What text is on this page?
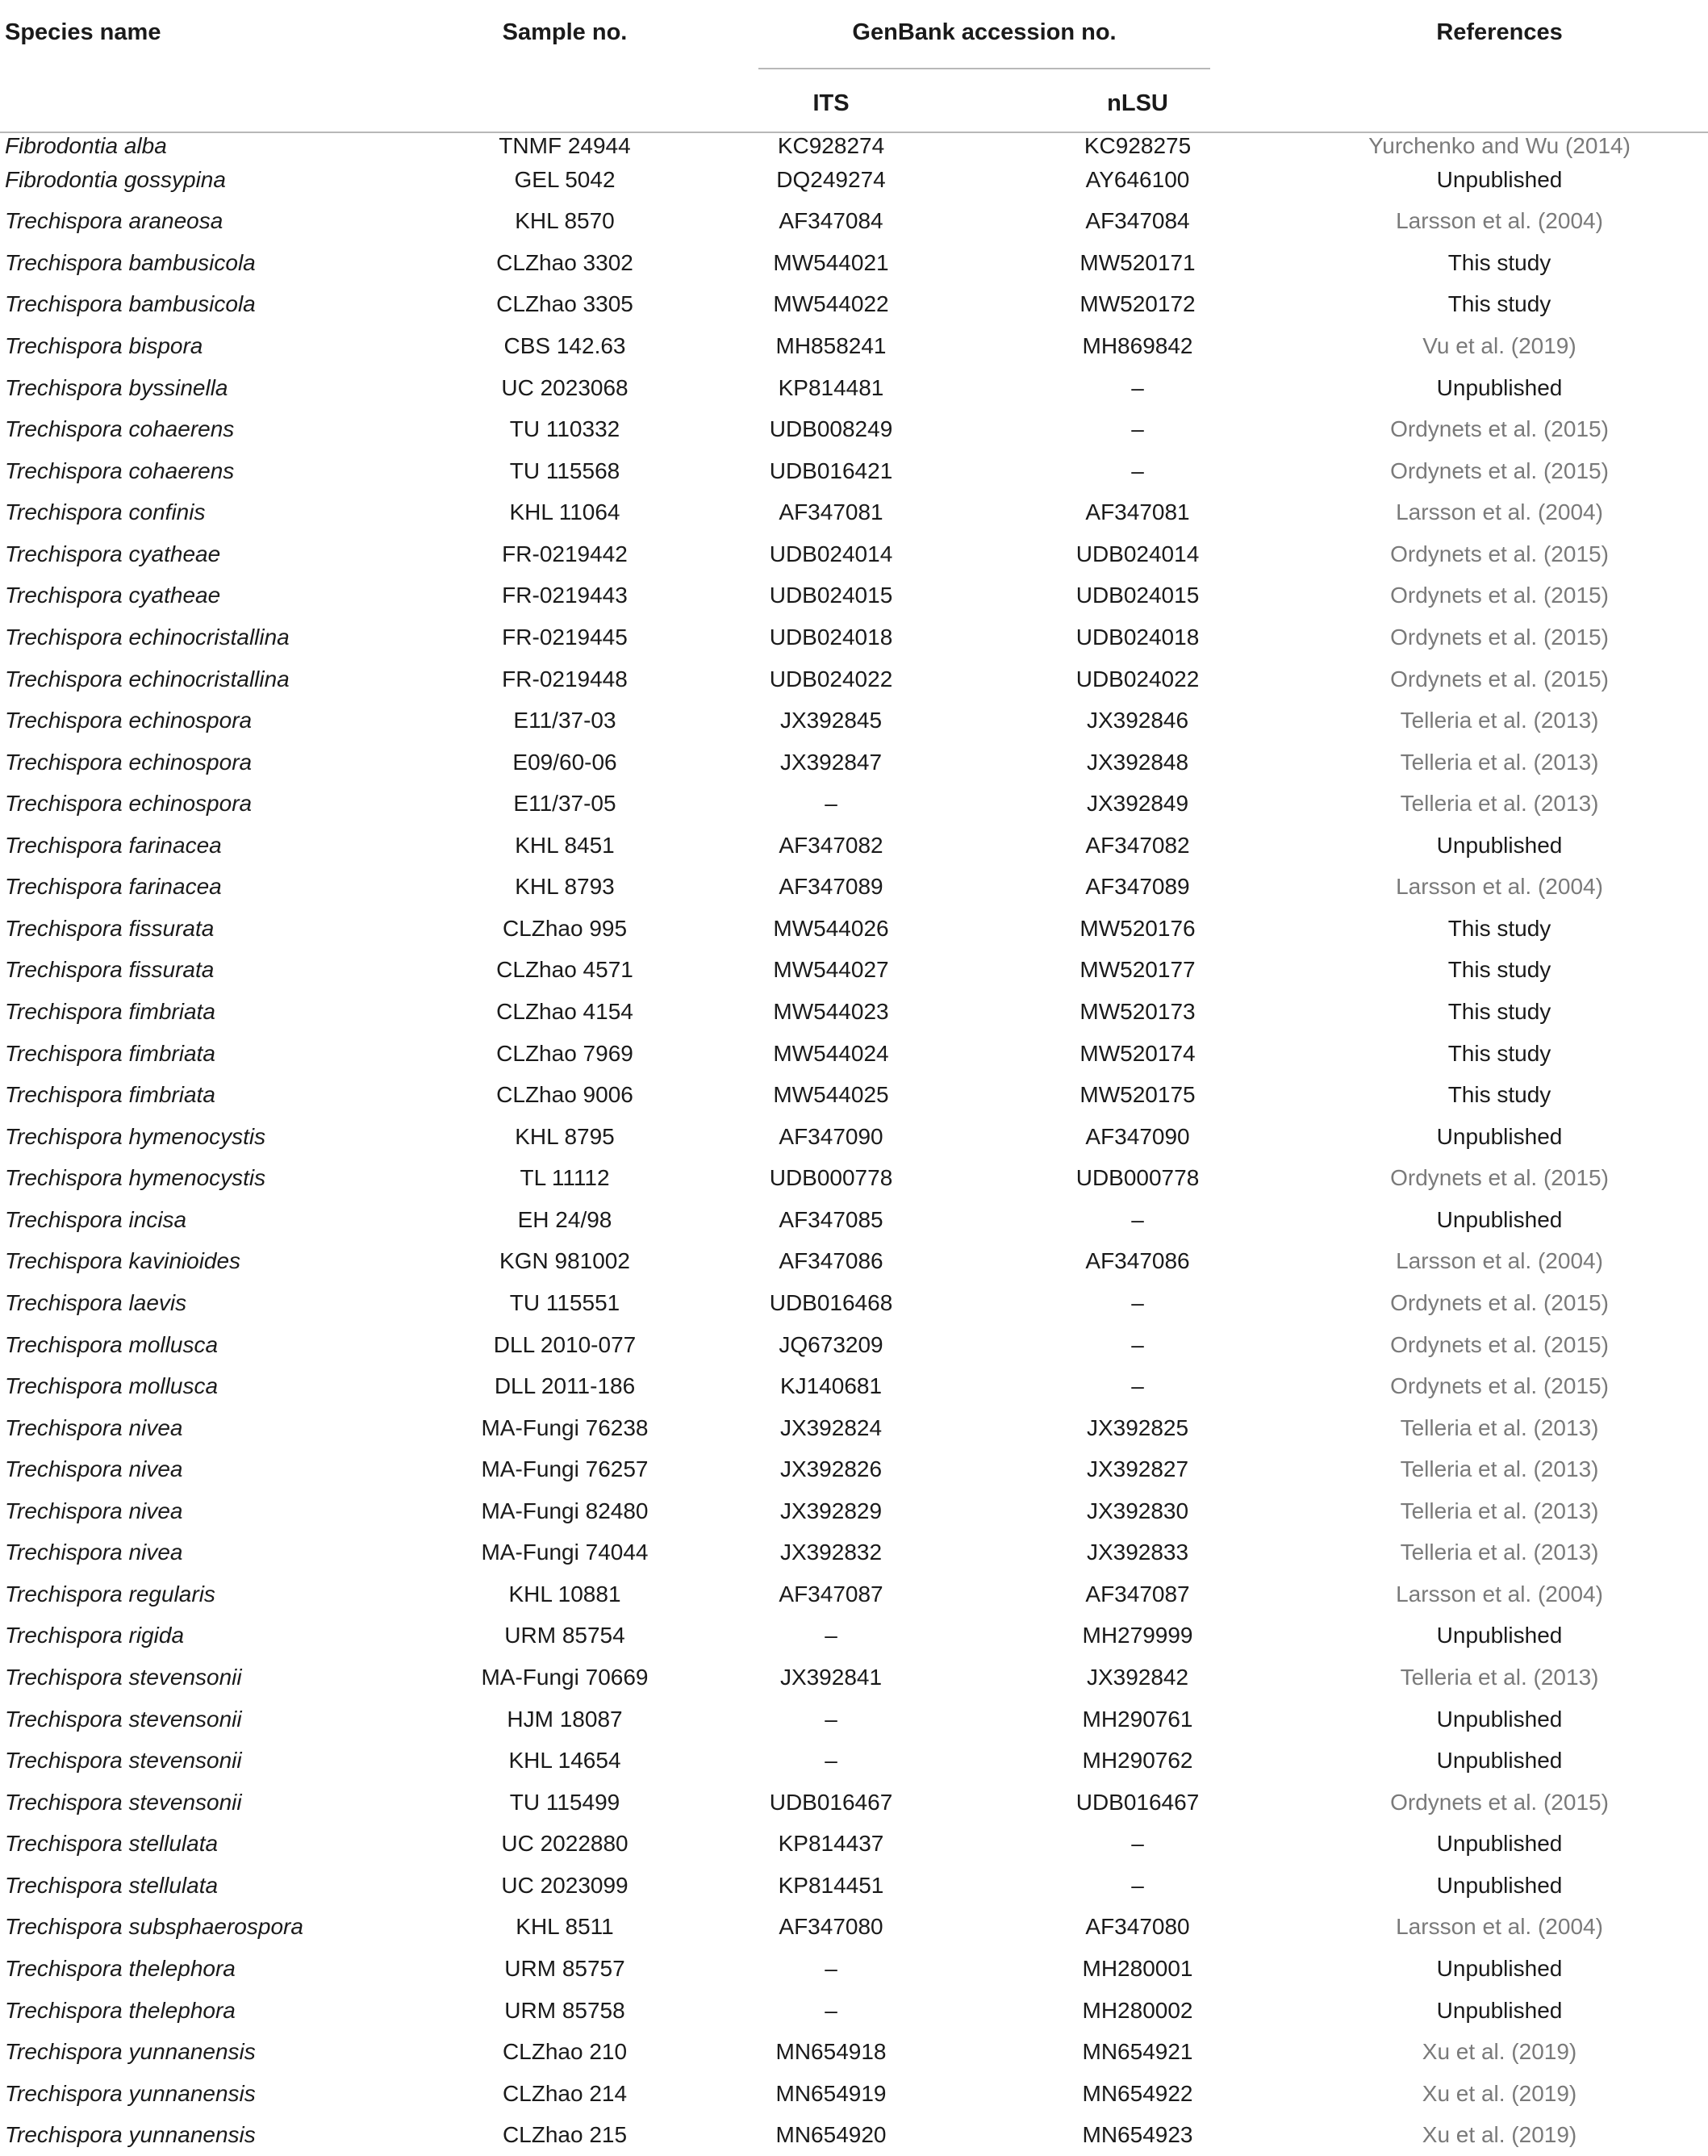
Species name	Sample no.	GenBank accession no.		References
		ITS	nLSU	
Fibrodontia alba	TNMF 24944	KC928274	KC928275	Yurchenko and Wu (2014)
Fibrodontia gossypina	GEL 5042	DQ249274	AY646100	Unpublished
Trechispora araneosa	KHL 8570	AF347084	AF347084	Larsson et al. (2004)
Trechispora bambusicola	CLZhao 3302	MW544021	MW520171	This study
Trechispora bambusicola	CLZhao 3305	MW544022	MW520172	This study
Trechispora bispora	CBS 142.63	MH858241	MH869842	Vu et al. (2019)
Trechispora byssinella	UC 2023068	KP814481	–	Unpublished
Trechispora cohaerens	TU 110332	UDB008249	–	Ordynets et al. (2015)
Trechispora cohaerens	TU 115568	UDB016421	–	Ordynets et al. (2015)
Trechispora confinis	KHL 11064	AF347081	AF347081	Larsson et al. (2004)
Trechispora cyatheae	FR-0219442	UDB024014	UDB024014	Ordynets et al. (2015)
Trechispora cyatheae	FR-0219443	UDB024015	UDB024015	Ordynets et al. (2015)
Trechispora echinocristallina	FR-0219445	UDB024018	UDB024018	Ordynets et al. (2015)
Trechispora echinocristallina	FR-0219448	UDB024022	UDB024022	Ordynets et al. (2015)
Trechispora echinospora	E11/37-03	JX392845	JX392846	Telleria et al. (2013)
Trechispora echinospora	E09/60-06	JX392847	JX392848	Telleria et al. (2013)
Trechispora echinospora	E11/37-05	–	JX392849	Telleria et al. (2013)
Trechispora farinacea	KHL 8451	AF347082	AF347082	Unpublished
Trechispora farinacea	KHL 8793	AF347089	AF347089	Larsson et al. (2004)
Trechispora fissurata	CLZhao 995	MW544026	MW520176	This study
Trechispora fissurata	CLZhao 4571	MW544027	MW520177	This study
Trechispora fimbriata	CLZhao 4154	MW544023	MW520173	This study
Trechispora fimbriata	CLZhao 7969	MW544024	MW520174	This study
Trechispora fimbriata	CLZhao 9006	MW544025	MW520175	This study
Trechispora hymenocystis	KHL 8795	AF347090	AF347090	Unpublished
Trechispora hymenocystis	TL 11112	UDB000778	UDB000778	Ordynets et al. (2015)
Trechispora incisa	EH 24/98	AF347085	–	Unpublished
Trechispora kavinioides	KGN 981002	AF347086	AF347086	Larsson et al. (2004)
Trechispora laevis	TU 115551	UDB016468	–	Ordynets et al. (2015)
Trechispora mollusca	DLL 2010-077	JQ673209	–	Ordynets et al. (2015)
Trechispora mollusca	DLL 2011-186	KJ140681	–	Ordynets et al. (2015)
Trechispora nivea	MA-Fungi 76238	JX392824	JX392825	Telleria et al. (2013)
Trechispora nivea	MA-Fungi 76257	JX392826	JX392827	Telleria et al. (2013)
Trechispora nivea	MA-Fungi 82480	JX392829	JX392830	Telleria et al. (2013)
Trechispora nivea	MA-Fungi 74044	JX392832	JX392833	Telleria et al. (2013)
Trechispora regularis	KHL 10881	AF347087	AF347087	Larsson et al. (2004)
Trechispora rigida	URM 85754	–	MH279999	Unpublished
Trechispora stevensonii	MA-Fungi 70669	JX392841	JX392842	Telleria et al. (2013)
Trechispora stevensonii	HJM 18087	–	MH290761	Unpublished
Trechispora stevensonii	KHL 14654	–	MH290762	Unpublished
Trechispora stevensonii	TU 115499	UDB016467	UDB016467	Ordynets et al. (2015)
Trechispora stellulata	UC 2022880	KP814437	–	Unpublished
Trechispora stellulata	UC 2023099	KP814451	–	Unpublished
Trechispora subsphaerospora	KHL 8511	AF347080	AF347080	Larsson et al. (2004)
Trechispora thelephora	URM 85757	–	MH280001	Unpublished
Trechispora thelephora	URM 85758	–	MH280002	Unpublished
Trechispora yunnanensis	CLZhao 210	MN654918	MN654921	Xu et al. (2019)
Trechispora yunnanensis	CLZhao 214	MN654919	MN654922	Xu et al. (2019)
Trechispora yunnanensis	CLZhao 215	MN654920	MN654923	Xu et al. (2019)
